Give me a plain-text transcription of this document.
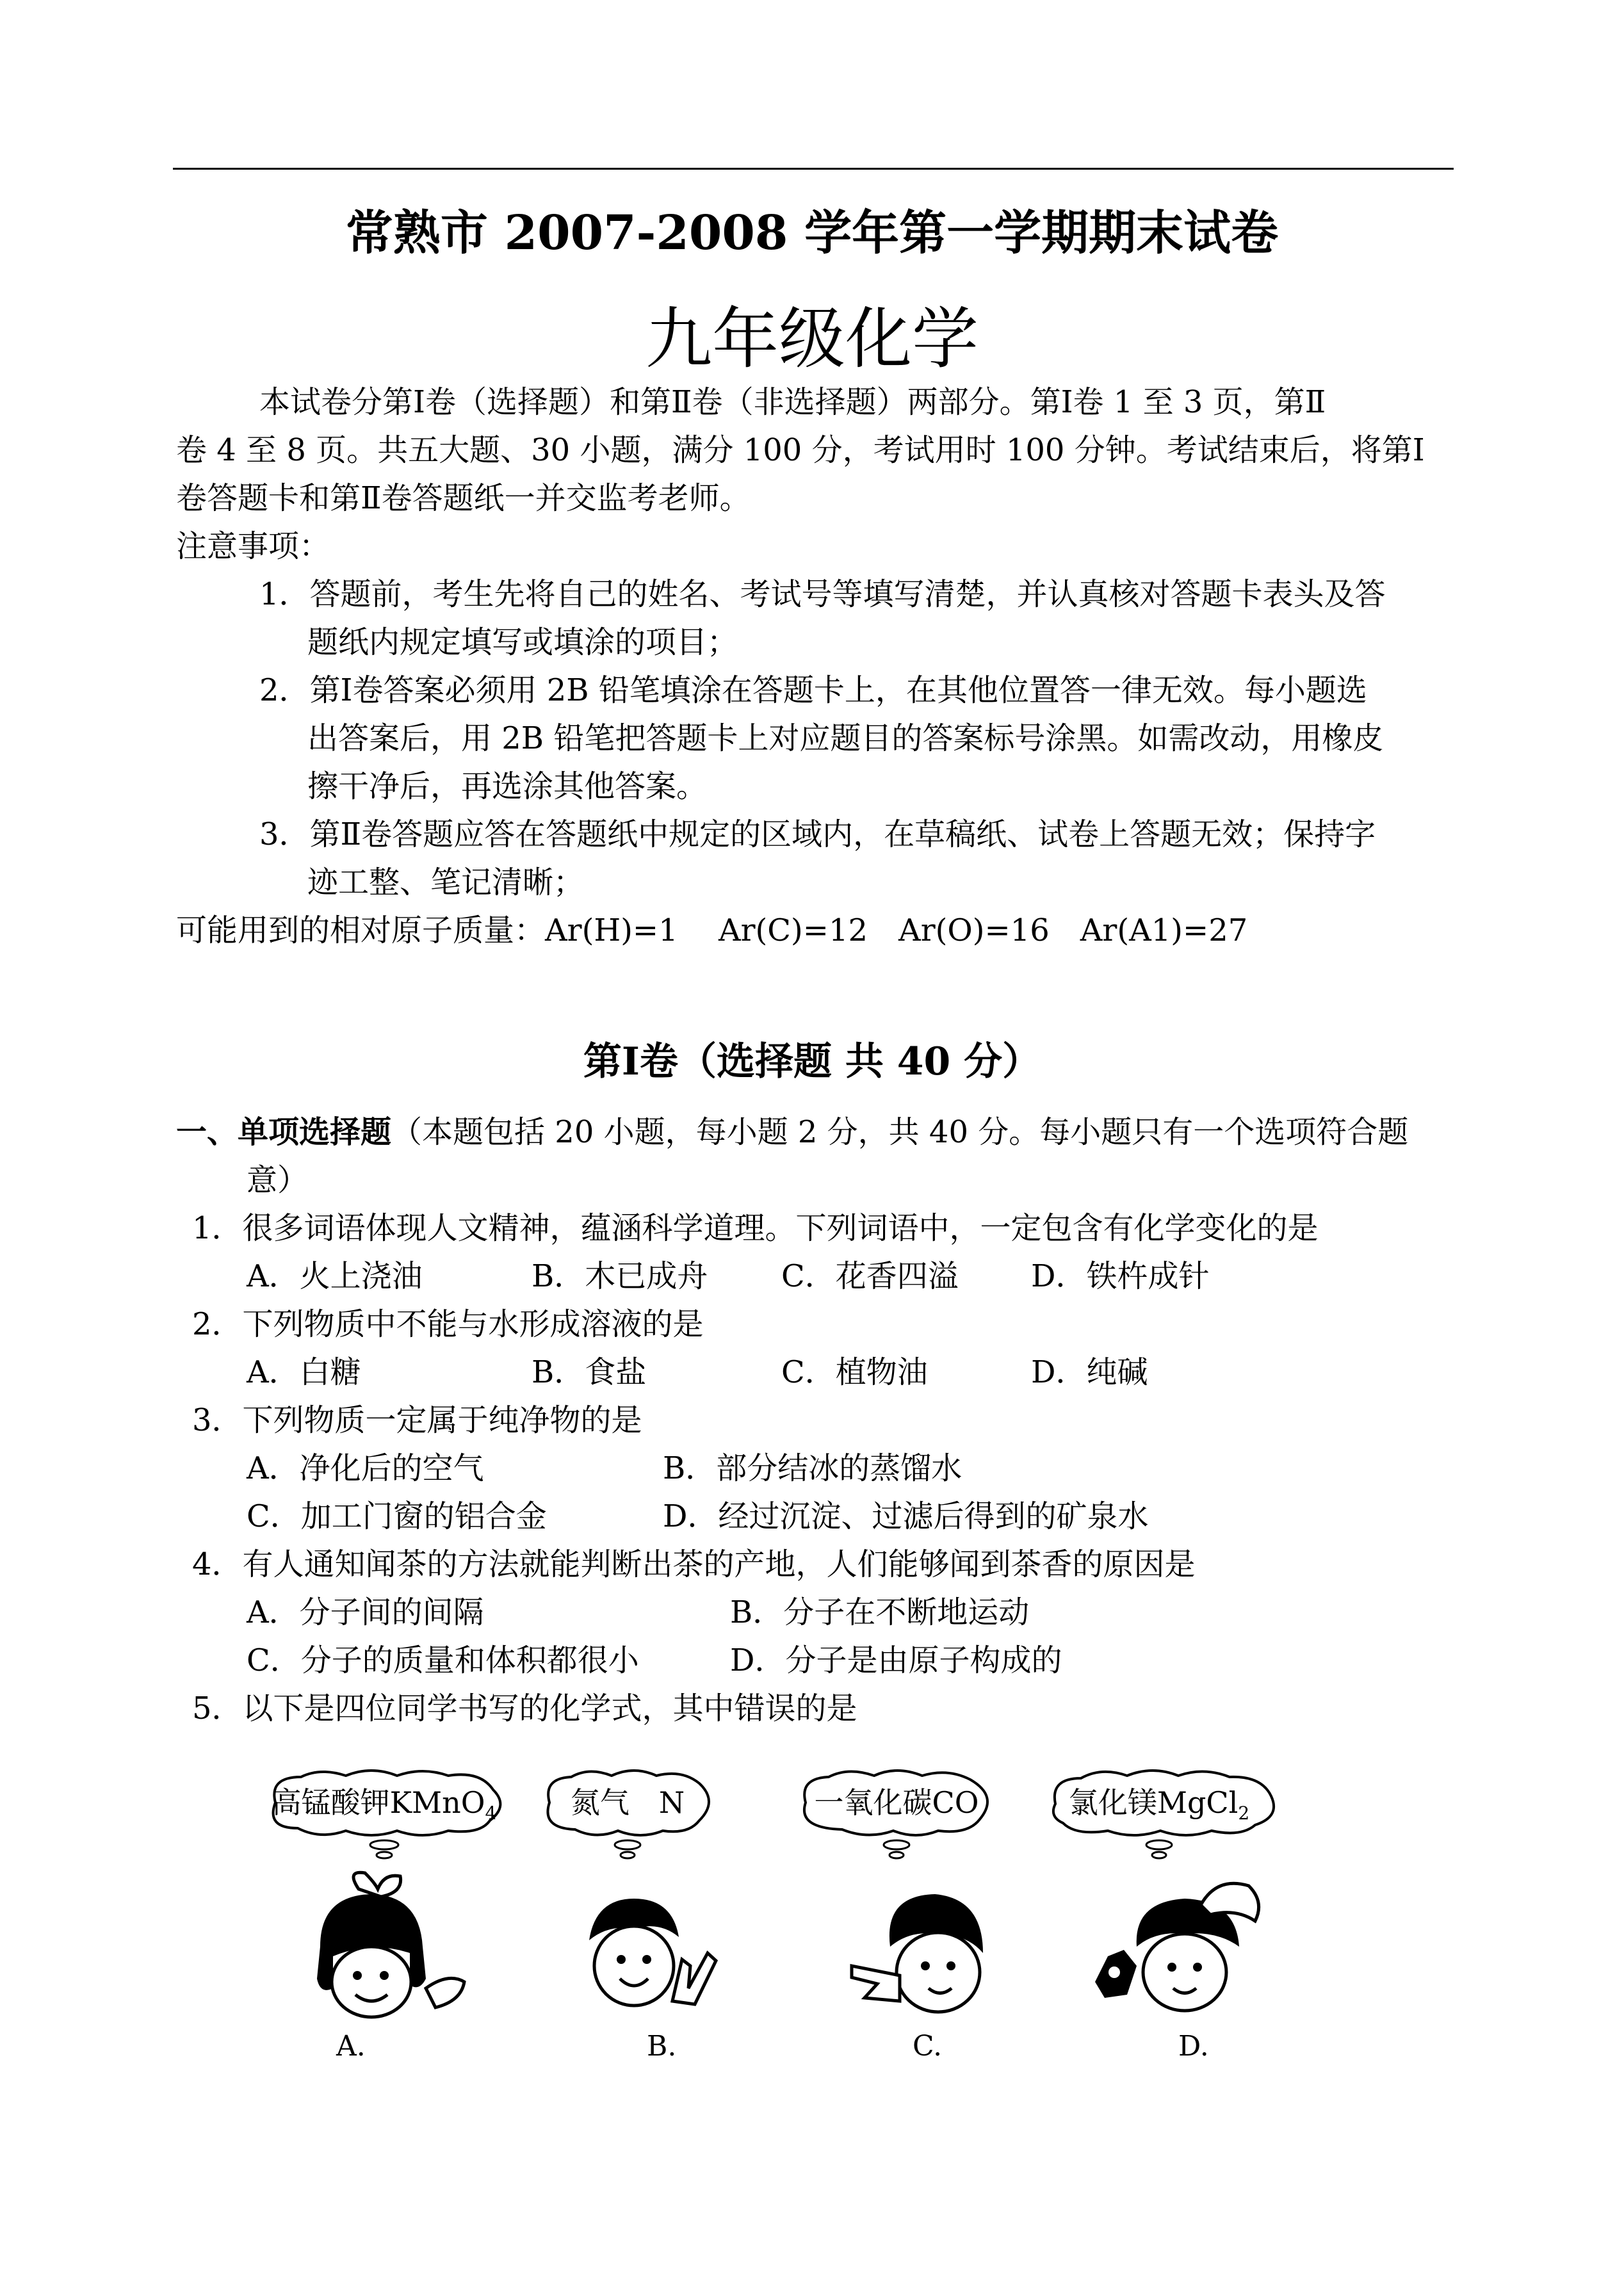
常熟市 2007-2008 学年第一学期期末试卷
九年级化学
本试卷分第Ⅰ卷（选择题）和第Ⅱ卷（非选择题）两部分。第Ⅰ卷 1 至 3 页，第Ⅱ
卷 4 至 8 页。共五大题、30 小题，满分 100 分，考试用时 100 分钟。考试结束后，将第Ⅰ
卷答题卡和第Ⅱ卷答题纸一并交监考老师。
注意事项：
1．答题前，考生先将自己的姓名、考试号等填写清楚，并认真核对答题卡表头及答
题纸内规定填写或填涂的项目；
2．第Ⅰ卷答案必须用 2B 铅笔填涂在答题卡上，在其他位置答一律无效。每小题选
出答案后，用 2B 铅笔把答题卡上对应题目的答案标号涂黑。如需改动，用橡皮
擦干净后，再选涂其他答案。
3．第Ⅱ卷答题应答在答题纸中规定的区域内，在草稿纸、试卷上答题无效；保持字
迹工整、笔记清晰；
可能用到的相对原子质量：Ar(H)=1　 Ar(C)=12　Ar(O)=16　Ar(A1)=27
第Ⅰ卷（选择题 共 40 分）
一、单项选择题（本题包括 20 小题，每小题 2 分，共 40 分。每小题只有一个选项符合题
意）
1．很多词语体现人文精神，蕴涵科学道理。下列词语中，一定包含有化学变化的是
A．火上浇油	B．木已成舟 C．花香四溢 D．铁杵成针
2．下列物质中不能与水形成溶液的是
A．白糖	B．食盐	C．植物油	D．纯碱
3．下列物质一定属于纯净物的是
A．净化后的空气	B．部分结冰的蒸馏水
C．加工门窗的铝合金	D．经过沉淀、过滤后得到的矿泉水
4．有人通知闻茶的方法就能判断出茶的产地，人们能够闻到茶香的原因是
A．分子间的间隔	B．分子在不断地运动
C．分子的质量和体积都很小	D．分子是由原子构成的
5．以下是四位同学书写的化学式，其中错误的是
高锰酸钾KMnO$_4$	氮气　N	一氧化碳CO	氯化镁MgCl$_2$
A.	B.	C.	D.
